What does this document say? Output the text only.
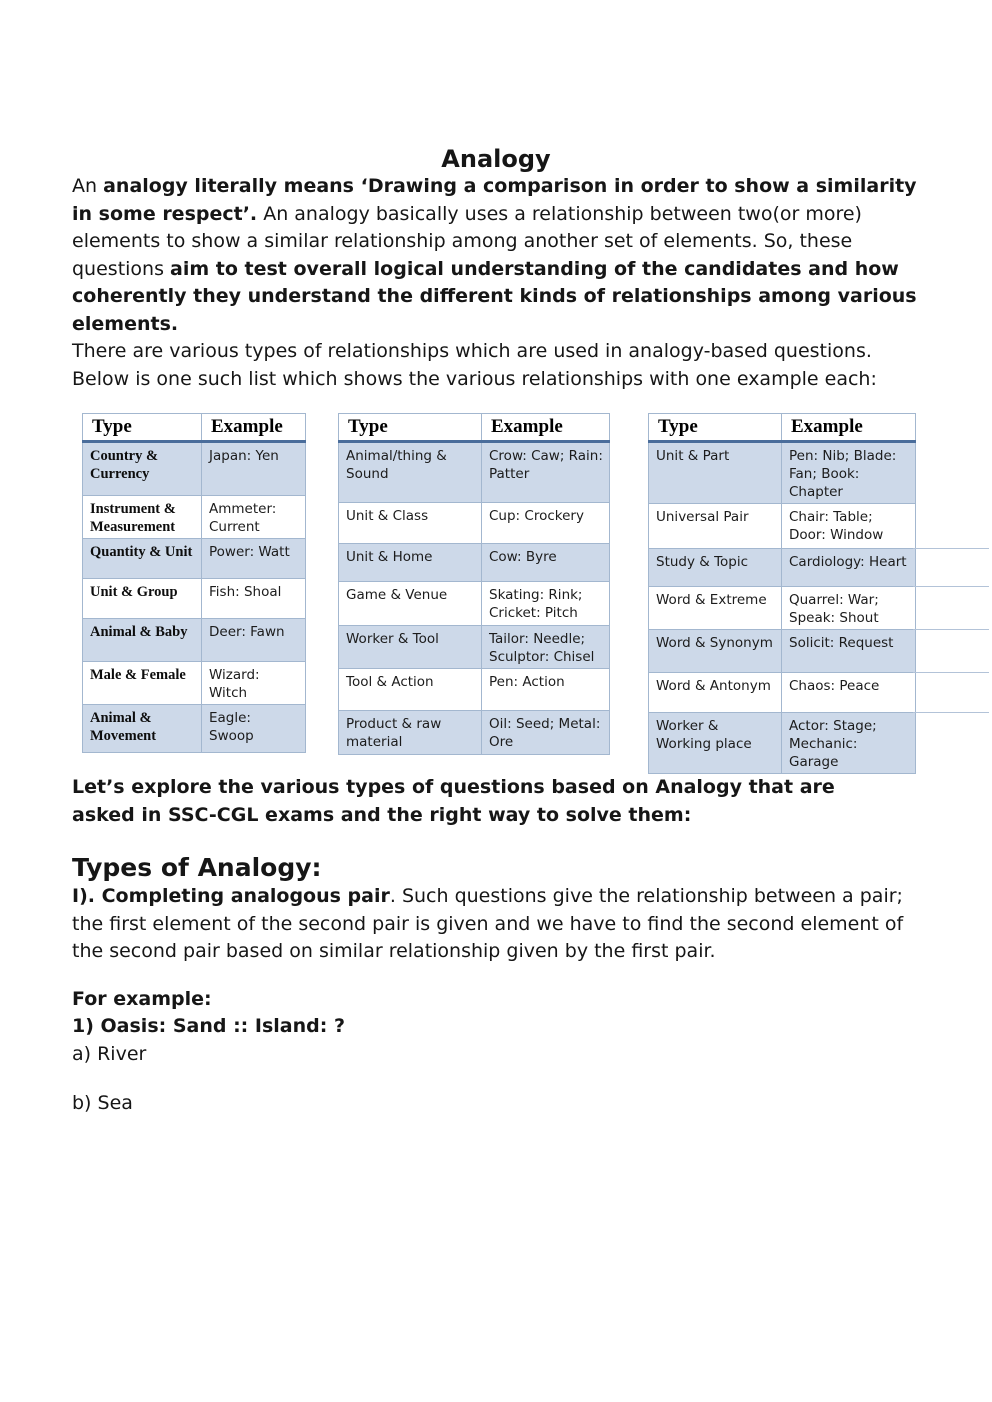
Analogy

An analogy literally means ‘Drawing a comparison in order to show a similarity in some respect’. An analogy basically uses a relationship between two(or more) elements to show a similar relationship among another set of elements. So, these questions aim to test overall logical understanding of the candidates and how coherently they understand the different kinds of relationships among various elements.

There are various types of relationships which are used in analogy-based questions. Below is one such list which shows the various relationships with one example each:

Type	Example
Country & Currency	Japan: Yen
Instrument & Measurement	Ammeter: Current
Quantity & Unit	Power: Watt
Unit & Group	Fish: Shoal
Animal & Baby	Deer: Fawn
Male & Female	Wizard: Witch
Animal & Movement	Eagle: Swoop
Type	Example
Animal/thing & Sound	Crow: Caw; Rain: Patter
Unit & Class	Cup: Crockery
Unit & Home	Cow: Byre
Game & Venue	Skating: Rink; Cricket: Pitch
Worker & Tool	Tailor: Needle; Sculptor: Chisel
Tool & Action	Pen: Action
Product & raw material	Oil: Seed; Metal: Ore
Type	Example
Unit & Part	Pen: Nib; Blade: Fan; Book: Chapter
Universal Pair	Chair: Table; Door: Window
Study & Topic	Cardiology: Heart
Word & Extreme	Quarrel: War; Speak: Shout
Word & Synonym	Solicit: Request
Word & Antonym	Chaos: Peace
Worker & Working place	Actor: Stage; Mechanic: Garage

Let’s explore the various types of questions based on Analogy that are asked in SSC-CGL exams and the right way to solve them:

Types of Analogy:

I). Completing analogous pair. Such questions give the relationship between a pair; the first element of the second pair is given and we have to find the second element of the second pair based on similar relationship given by the first pair.

For example:

1) Oasis: Sand :: Island: ?

a) River

b) Sea
